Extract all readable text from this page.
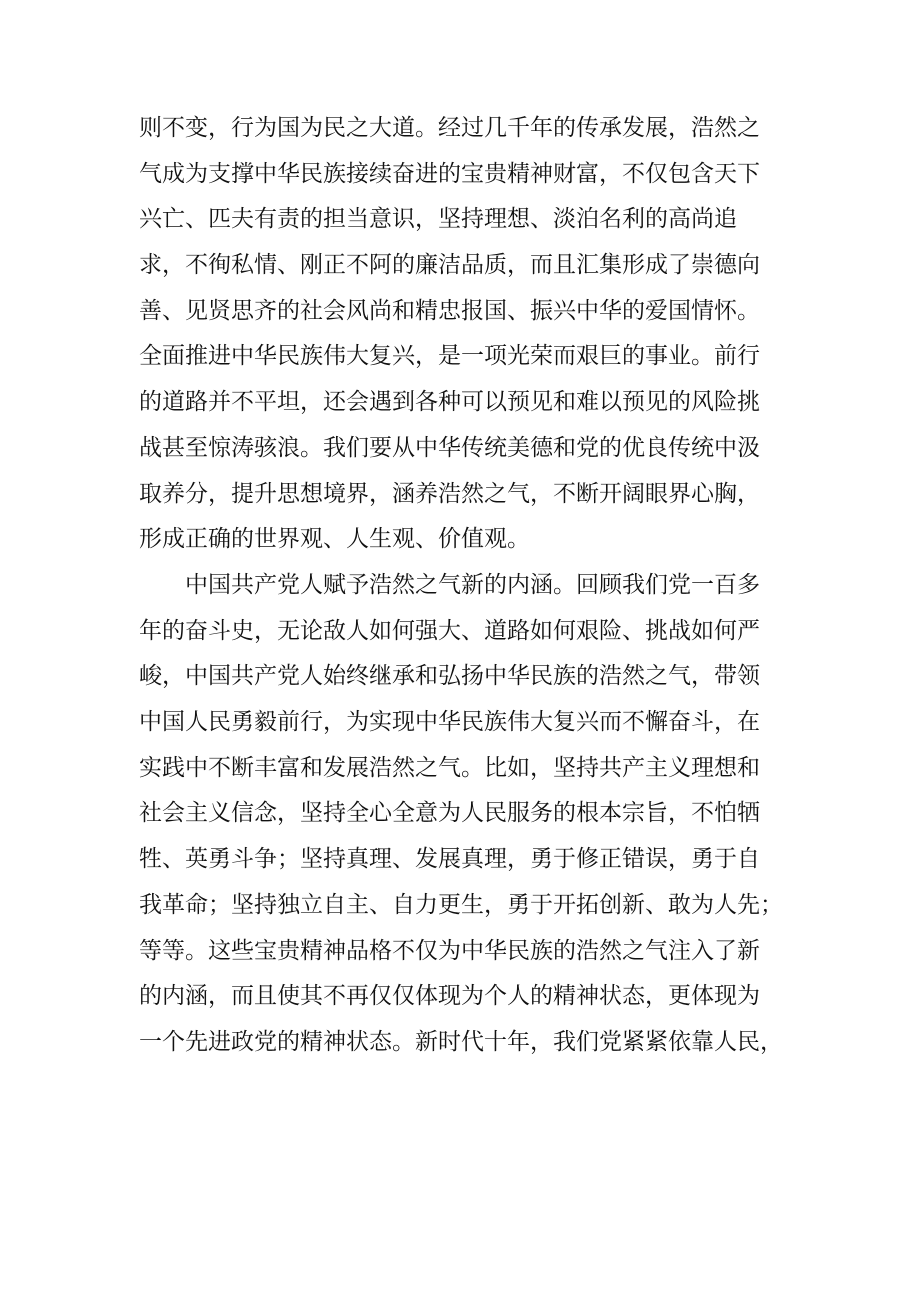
则不变，行为国为民之大道。经过几千年的传承发展，浩然之
气成为支撑中华民族接续奋进的宝贵精神财富，不仅包含天下
兴亡、匹夫有责的担当意识，坚持理想、淡泊名利的高尚追
求，不徇私情、刚正不阿的廉洁品质，而且汇集形成了崇德向
善、见贤思齐的社会风尚和精忠报国、振兴中华的爱国情怀。
全面推进中华民族伟大复兴，是一项光荣而艰巨的事业。前行
的道路并不平坦，还会遇到各种可以预见和难以预见的风险挑
战甚至惊涛骇浪。我们要从中华传统美德和党的优良传统中汲
取养分，提升思想境界，涵养浩然之气，不断开阔眼界心胸，
形成正确的世界观、人生观、价值观。
中国共产党人赋予浩然之气新的内涵。回顾我们党一百多
年的奋斗史，无论敌人如何强大、道路如何艰险、挑战如何严
峻，中国共产党人始终继承和弘扬中华民族的浩然之气，带领
中国人民勇毅前行，为实现中华民族伟大复兴而不懈奋斗，在
实践中不断丰富和发展浩然之气。比如，坚持共产主义理想和
社会主义信念，坚持全心全意为人民服务的根本宗旨，不怕牺
牲、英勇斗争；坚持真理、发展真理，勇于修正错误，勇于自
我革命；坚持独立自主、自力更生，勇于开拓创新、敢为人先；
等等。这些宝贵精神品格不仅为中华民族的浩然之气注入了新
的内涵，而且使其不再仅仅体现为个人的精神状态，更体现为
一个先进政党的精神状态。新时代十年，我们党紧紧依靠人民，
